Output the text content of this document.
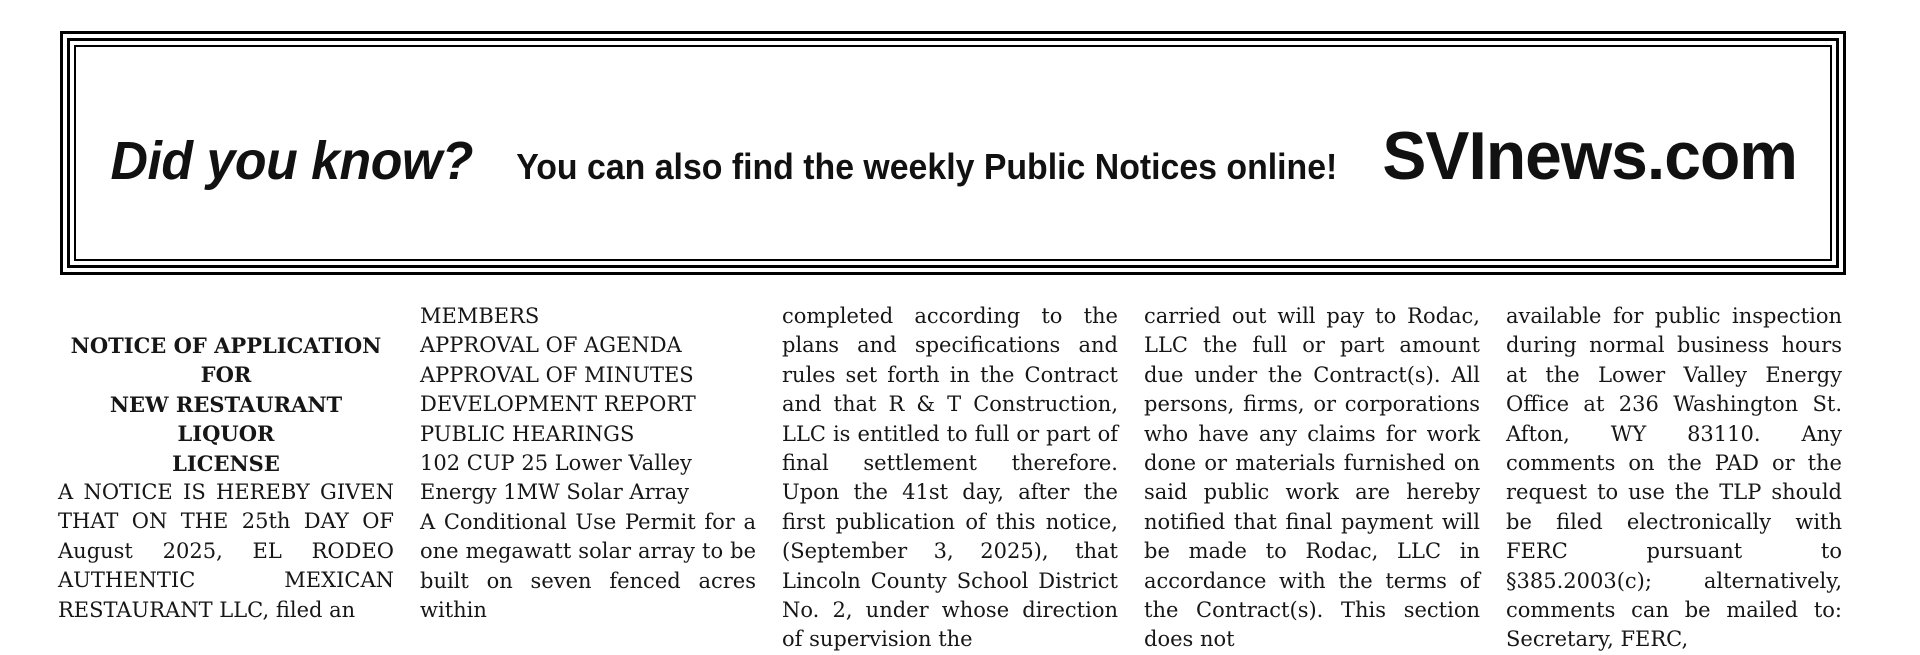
Did you know? You can also find the weekly Public Notices online! SVInews.com
NOTICE OF APPLICATION
FOR
NEW RESTAURANT LIQUOR
LICENSE

A NOTICE IS HEREBY GIVEN THAT ON THE 25th DAY OF August 2025, EL RODEO AUTHENTIC MEXICAN RESTAURANT LLC, filed an

MEMBERS
APPROVAL OF AGENDA
APPROVAL OF MINUTES
DEVELOPMENT REPORT
PUBLIC HEARINGS
102 CUP 25 Lower Valley Energy 1MW Solar Array

A Conditional Use Permit for a one megawatt solar array to be built on seven fenced acres within

completed according to the plans and specifications and rules set forth in the Contract and that R & T Construction, LLC is entitled to full or part of final settlement therefore. Upon the 41st day, after the first publication of this notice, (September 3, 2025), that Lincoln County School District No. 2, under whose direction of supervision the

carried out will pay to Rodac, LLC the full or part amount due under the Contract(s). All persons, firms, or corporations who have any claims for work done or materials furnished on said public work are hereby notified that final payment will be made to Rodac, LLC in accordance with the terms of the Contract(s). This section does not

available for public inspection during normal business hours at the Lower Valley Energy Office at 236 Washington St. Afton, WY 83110. Any comments on the PAD or the request to use the TLP should be filed electronically with FERC pursuant to §385.2003(c); alternatively, comments can be mailed to: Secretary, FERC,
